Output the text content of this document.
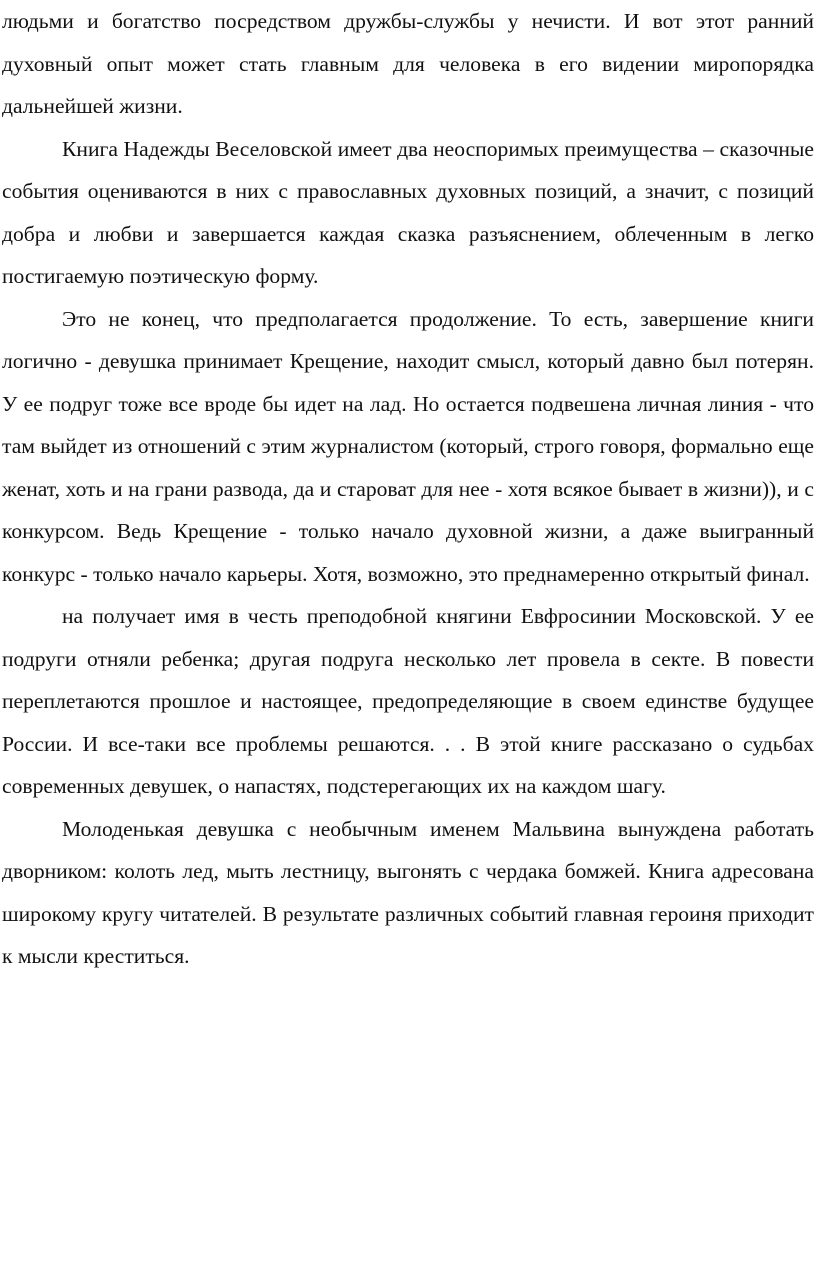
людьми и богатство посредством дружбы-службы у нечисти. И вот этот ранний духовный опыт может стать главным для человека в его видении миропорядка дальнейшей жизни.

Книга Надежды Веселовской имеет два неоспоримых преимущества – сказочные события оцениваются в них с православных духовных позиций, а значит, с позиций добра и любви и завершается каждая сказка разъяснением, облеченным в легко постигаемую поэтическую форму.

Это не конец, что предполагается продолжение. То есть, завершение книги логично - девушка принимает Крещение, находит смысл, который давно был потерян. У ее подруг тоже все вроде бы идет на лад. Но остается подвешена личная линия - что там выйдет из отношений с этим журналистом (который, строго говоря, формально еще женат, хоть и на грани развода, да и староват для нее - хотя всякое бывает в жизни)), и с конкурсом. Ведь Крещение - только начало духовной жизни, а даже выигранный конкурс - только начало карьеры. Хотя, возможно, это преднамеренно открытый финал.

на получает имя в честь преподобной княгини Евфросинии Московской. У ее подруги отняли ребенка; другая подруга несколько лет провела в секте. В повести переплетаются прошлое и настоящее, предопределяющие в своем единстве будущее России. И все-таки все проблемы решаются. . . В этой книге рассказано о судьбах современных девушек, о напастях, подстерегающих их на каждом шагу.

Молоденькая девушка с необычным именем Мальвина вынуждена работать дворником: колоть лед, мыть лестницу, выгонять с чердака бомжей. Книга адресована широкому кругу читателей. В результате различных событий главная героиня приходит к мысли креститься.
